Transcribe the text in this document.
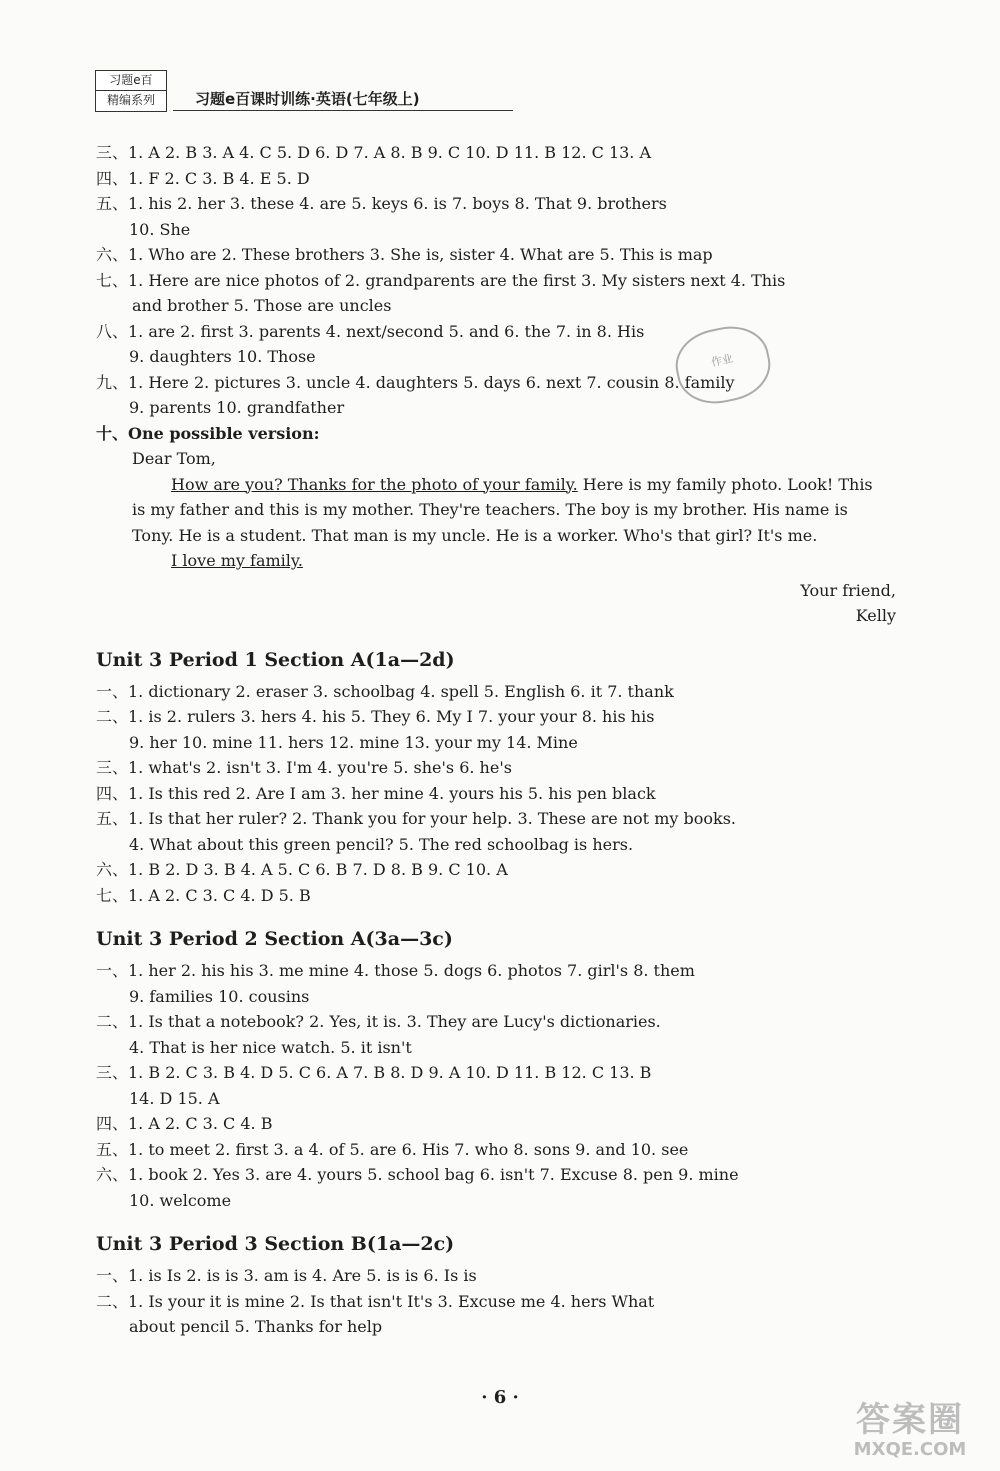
习题e百
精编系列	习题e百课时训练·英语(七年级上)
作业
三、1. A 2. B 3. A 4. C 5. D 6. D 7. A 8. B 9. C 10. D 11. B 12. C 13. A
四、1. F 2. C 3. B 4. E 5. D
五、1. his 2. her 3. these 4. are 5. keys 6. is 7. boys 8. That 9. brothers
10. She
六、1. Who are 2. These brothers 3. She is, sister 4. What are 5. This is map
七、1. Here are nice photos of 2. grandparents are the first 3. My sisters next 4. This
and brother 5. Those are uncles
八、1. are 2. first 3. parents 4. next/second 5. and 6. the 7. in 8. His
9. daughters 10. Those
九、1. Here 2. pictures 3. uncle 4. daughters 5. days 6. next 7. cousin 8. family
9. parents 10. grandfather
十、One possible version:
Dear Tom,
How are you? Thanks for the photo of your family. Here is my family photo. Look! This
is my father and this is my mother. They're teachers. The boy is my brother. His name is
Tony. He is a student. That man is my uncle. He is a worker. Who's that girl? It's me.
I love my family.
Your friend,
Kelly
Unit 3 Period 1 Section A(1a—2d)
一、1. dictionary 2. eraser 3. schoolbag 4. spell 5. English 6. it 7. thank
二、1. is 2. rulers 3. hers 4. his 5. They 6. My I 7. your your 8. his his
9. her 10. mine 11. hers 12. mine 13. your my 14. Mine
三、1. what's 2. isn't 3. I'm 4. you're 5. she's 6. he's
四、1. Is this red 2. Are I am 3. her mine 4. yours his 5. his pen black
五、1. Is that her ruler? 2. Thank you for your help. 3. These are not my books.
4. What about this green pencil? 5. The red schoolbag is hers.
六、1. B 2. D 3. B 4. A 5. C 6. B 7. D 8. B 9. C 10. A
七、1. A 2. C 3. C 4. D 5. B
Unit 3 Period 2 Section A(3a—3c)
一、1. her 2. his his 3. me mine 4. those 5. dogs 6. photos 7. girl's 8. them
9. families 10. cousins
二、1. Is that a notebook? 2. Yes, it is. 3. They are Lucy's dictionaries.
4. That is her nice watch. 5. it isn't
三、1. B 2. C 3. B 4. D 5. C 6. A 7. B 8. D 9. A 10. D 11. B 12. C 13. B
14. D 15. A
四、1. A 2. C 3. C 4. B
五、1. to meet 2. first 3. a 4. of 5. are 6. His 7. who 8. sons 9. and 10. see
六、1. book 2. Yes 3. are 4. yours 5. school bag 6. isn't 7. Excuse 8. pen 9. mine
10. welcome
Unit 3 Period 3 Section B(1a—2c)
一、1. is Is 2. is is 3. am is 4. Are 5. is is 6. Is is
二、1. Is your it is mine 2. Is that isn't It's 3. Excuse me 4. hers What
about pencil 5. Thanks for help
· 6 ·
答案圈
MXQE.COM
